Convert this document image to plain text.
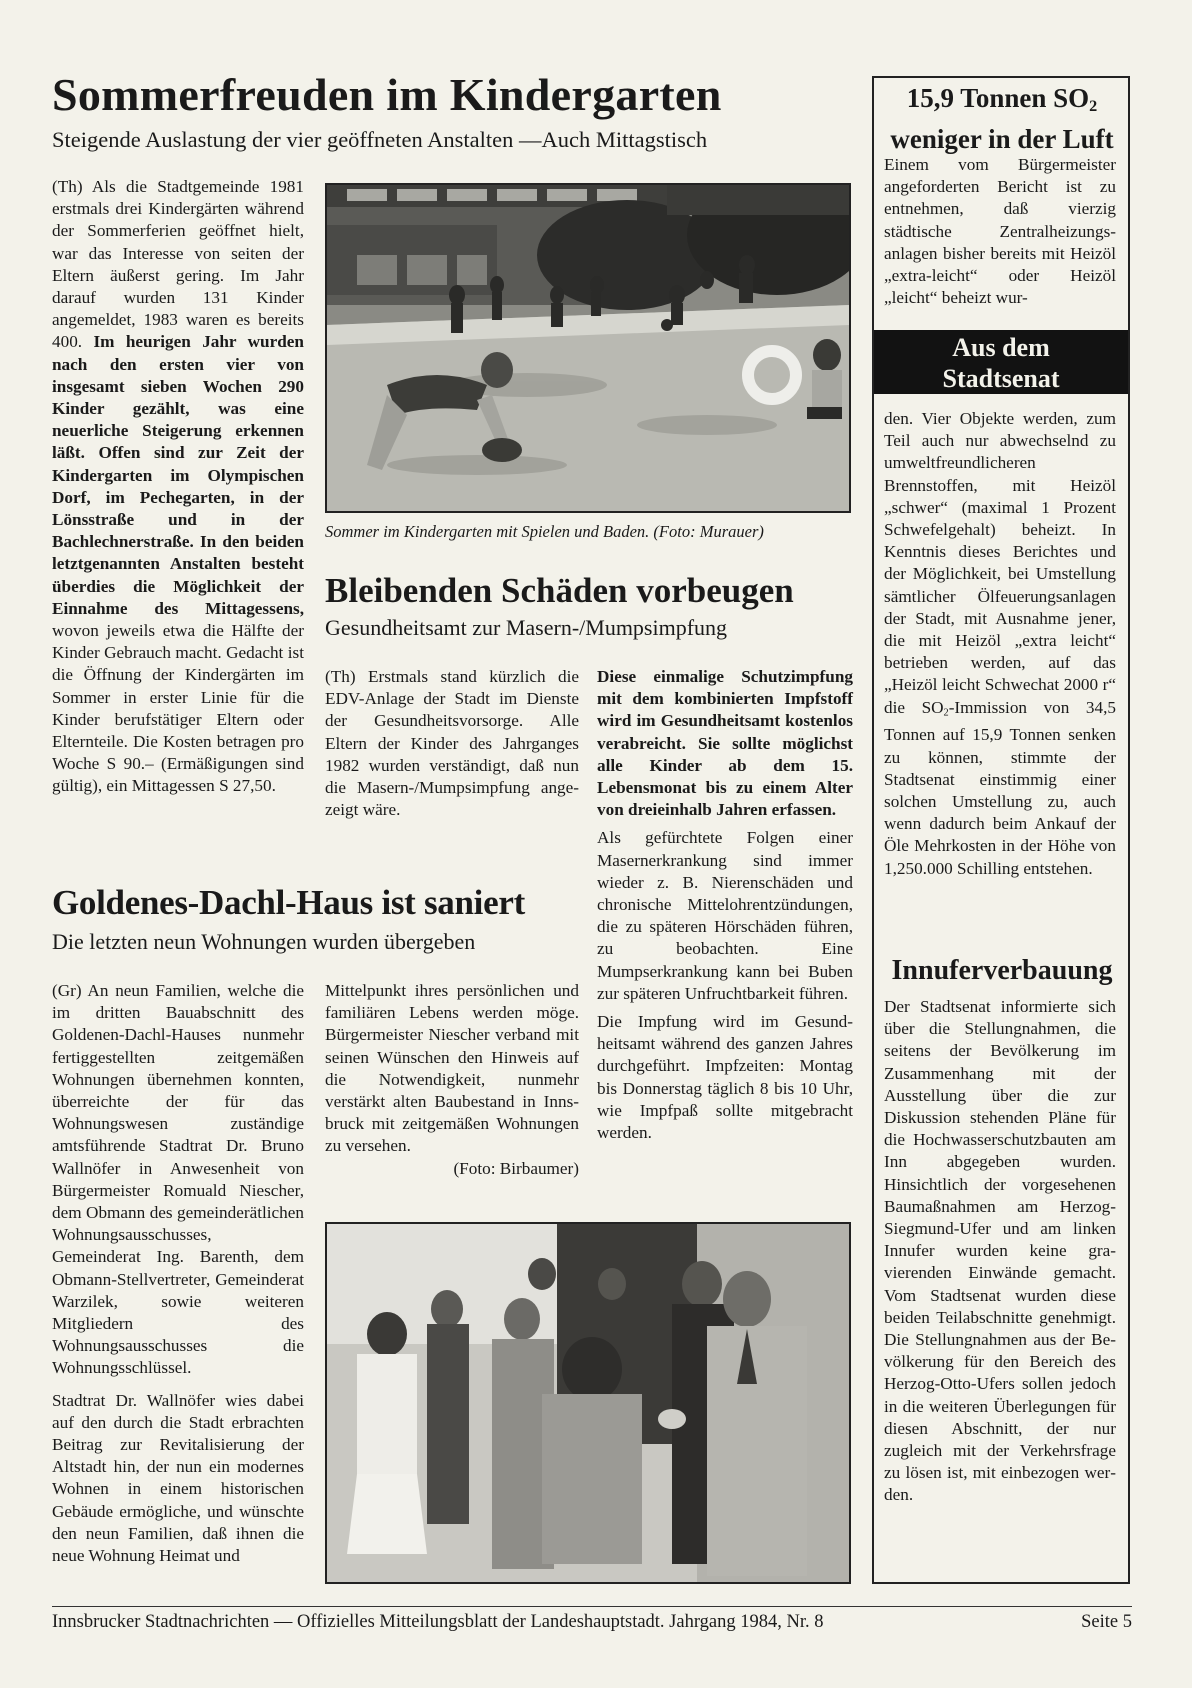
Sommerfreuden im Kindergarten
Steigende Auslastung der vier geöffneten Anstalten —Auch Mittagstisch
(Th) Als die Stadtgemeinde 1981 erstmals drei Kindergärten während der Sommerferien geöffnet hielt, war das Interesse von seiten der Eltern äußerst gering. Im Jahr darauf wurden 131 Kinder angemeldet, 1983 waren es bereits 400. Im heurigen Jahr wurden nach den ersten vier von insgesamt sieben Wochen 290 Kinder gezählt, was eine neuerliche Steigerung erkennen läßt. Offen sind zur Zeit der Kindergarten im Olympischen Dorf, im Pechegarten, in der Lönsstraße und in der Bachlechnerstraße. In den beiden letztgenannten Anstalten besteht überdies die Möglichkeit der Einnahme des Mittagessens, wovon jeweils etwa die Hälfte der Kinder Gebrauch macht. Gedacht ist die Öffnung der Kindergärten im Sommer in erster Linie für die Kinder berufstätiger Eltern oder Elternteile. Die Kosten betragen pro Woche S 90.– (Ermäßigungen sind gültig), ein Mittagessen S 27,50.
Sommer im Kindergarten mit Spielen und Baden. (Foto: Murauer)
Bleibenden Schäden vorbeugen
Gesundheitsamt zur Masern-/Mumpsimpfung
(Th) Erstmals stand kürzlich die EDV-Anlage der Stadt im Dienste der Gesundheitsvorsorge. Alle Eltern der Kinder des Jahrganges 1982 wurden verständigt, daß nun die Masern-/Mumpsimpfung angezeigt wäre.

Diese einmalige Schutzimpfung mit dem kombinierten Impfstoff wird im Gesundheitsamt kostenlos verabreicht. Sie sollte möglichst alle Kinder ab dem 15. Lebensmonat bis zu einem Alter von dreieinhalb Jahren erfassen.

Als gefürchtete Folgen einer Masernerkrankung sind immer wieder z. B. Nierenschäden und chronische Mittelohrentzündungen, die zu späteren Hörschäden führen, zu beobachten. Eine Mumpserkrankung kann bei Buben zur späteren Unfruchtbarkeit führen.

Die Impfung wird im Gesundheitsamt während des ganzen Jahres durchgeführt. Impfzeiten: Montag bis Donnerstag täglich 8 bis 10 Uhr, wie Impfpaß sollte mitgebracht werden.

Goldenes-Dachl-Haus ist saniert
Die letzten neun Wohnungen wurden übergeben

(Gr) An neun Familien, welche die im dritten Bauabschnitt des Goldenen-Dachl-Hauses nunmehr fertiggestellten zeitgemäßen Wohnungen übernehmen konnten, überreichte der für das Wohnungswesen zuständige amtsführende Stadtrat Dr. Bruno Wallnöfer in Anwesenheit von Bürgermeister Romuald Niescher, dem Obmann des gemeinderätlichen Wohnungsausschusses, Gemeinderat Ing. Barenth, dem Obmann-Stellvertreter, Gemeinderat Warzilek, sowie weiteren Mitgliedern des Wohnungsausschusses die Wohnungsschlüssel.

Stadtrat Dr. Wallnöfer wies dabei auf den durch die Stadt erbrachten Beitrag zur Revitalisierung der Altstadt hin, der nun ein modernes Wohnen in einem historischen Gebäude ermögliche, und wünschte den neun Familien, daß ihnen die neue Wohnung Heimat und

Mittelpunkt ihres persönlichen und familiären Lebens werden möge. Bürgermeister Niescher verband mit seinen Wünschen den Hinweis auf die Notwendigkeit, nunmehr verstärkt alten Baubestand in Innsbruck mit zeitgemäßen Wohnungen zu versehen.

(Foto: Birbaumer)

15,9 Tonnen $SO_2$
weniger in der Luft
Einem vom Bürgermeister angeforderten Bericht ist zu entnehmen, daß vierzig städtische Zentralheizungsanlagen bisher bereits mit Heizöl „extra-leicht“ oder Heizöl „leicht“ beheizt wur-
Aus dem
Stadtsenat
den. Vier Objekte werden, zum Teil auch nur abwechselnd zu umweltfreundlicheren Brennstoffen, mit Heizöl „schwer“ (maximal 1 Prozent Schwefelgehalt) beheizt. In Kenntnis dieses Berichtes und der Möglichkeit, bei Umstellung sämtlicher Ölfeuerungsanlagen der Stadt, mit Ausnahme jener, die mit Heizöl „extra leicht“ betrieben werden, auf das „Heizöl leicht Schwechat 2000 r“ die $SO_2$-Immission von 34,5 Tonnen auf 15,9 Tonnen senken zu können, stimmte der Stadtsenat einstimmig einer solchen Umstellung zu, auch wenn dadurch beim Ankauf der Öle Mehrkosten in der Höhe von 1,250.000 Schilling entstehen.
Innuferverbauung
Der Stadtsenat informierte sich über die Stellungnahmen, die seitens der Bevölkerung im Zusammenhang mit der Ausstellung über die zur Diskussion stehenden Pläne für die Hochwasserschutzbauten am Inn abgegeben wurden. Hinsichtlich der vorgesehenen Baumaßnahmen am Herzog-Siegmund-Ufer und am linken Innufer wurden keine gravierenden Einwände gemacht. Vom Stadtsenat wurden diese beiden Teilabschnitte genehmigt. Die Stellungnahmen aus der Bevölkerung für den Bereich des Herzog-Otto-Ufers sollen jedoch in die weiteren Überlegungen für diesen Abschnitt, der nur zugleich mit der Verkehrsfrage zu lösen ist, mit einbezogen werden.
Innsbrucker Stadtnachrichten — Offizielles Mitteilungsblatt der Landeshauptstadt. Jahrgang 1984, Nr. 8	Seite 5
